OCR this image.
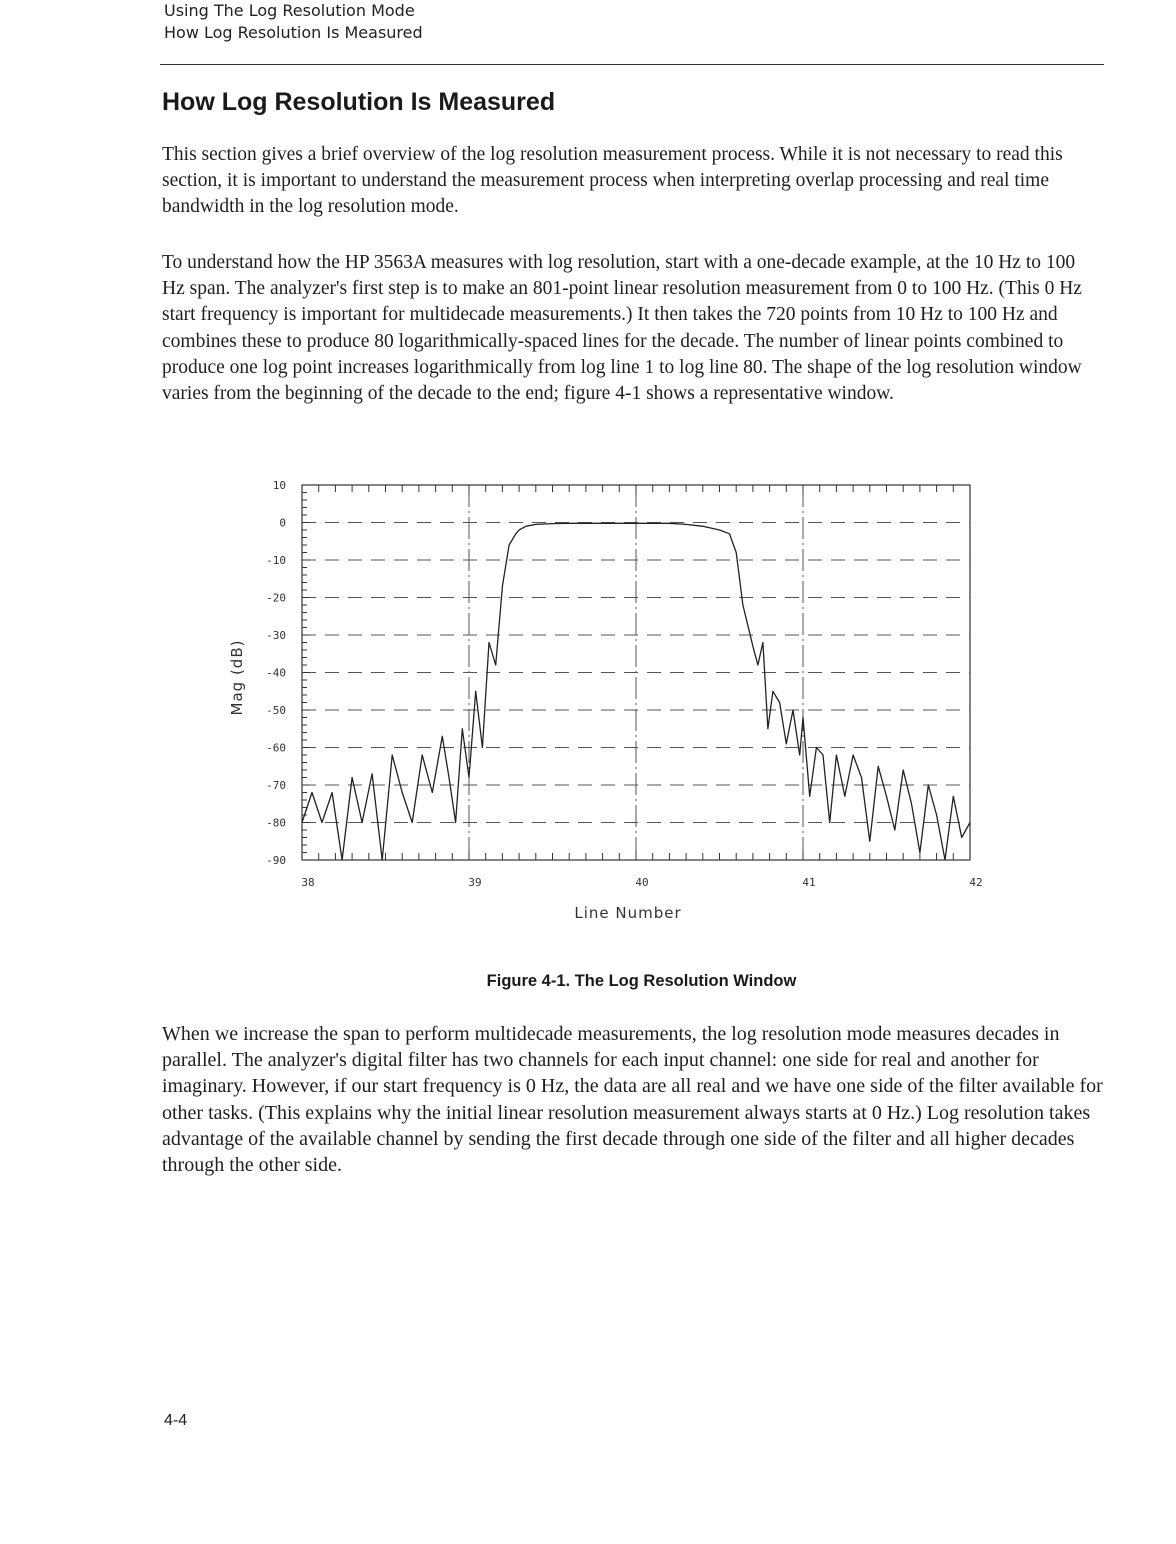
Using The Log Resolution Mode
How Log Resolution Is Measured
How Log Resolution Is Measured

This section gives a brief overview of the log resolution measurement process. While it is not necessary to read this section, it is important to understand the measurement process when interpreting overlap processing and real time bandwidth in the log resolution mode.

To understand how the HP 3563A measures with log resolution, start with a one-decade example, at the 10 Hz to 100 Hz span. The analyzer's first step is to make an 801-point linear resolution measurement from 0 to 100 Hz. (This 0 Hz start frequency is important for multidecade measurements.) It then takes the 720 points from 10 Hz to 100 Hz and combines these to produce 80 logarithmically-spaced lines for the decade. The number of linear points combined to produce one log point increases logarithmically from log line 1 to log line 80. The shape of the log resolution window varies from the beginning of the decade to the end; figure 4-1 shows a representative window.

10
0
-10
-20
-30
-40
-50
-60
-70
-80
-90
38	39	40	41	42
Line Number
Mag (dB)
Figure 4-1. The Log Resolution Window

When we increase the span to perform multidecade measurements, the log resolution mode measures decades in parallel. The analyzer's digital filter has two channels for each input channel: one side for real and another for imaginary. However, if our start frequency is 0 Hz, the data are all real and we have one side of the filter available for other tasks. (This explains why the initial linear resolution measurement always starts at 0 Hz.) Log resolution takes advantage of the available channel by sending the first decade through one side of the filter and all higher decades through the other side.

4-4
